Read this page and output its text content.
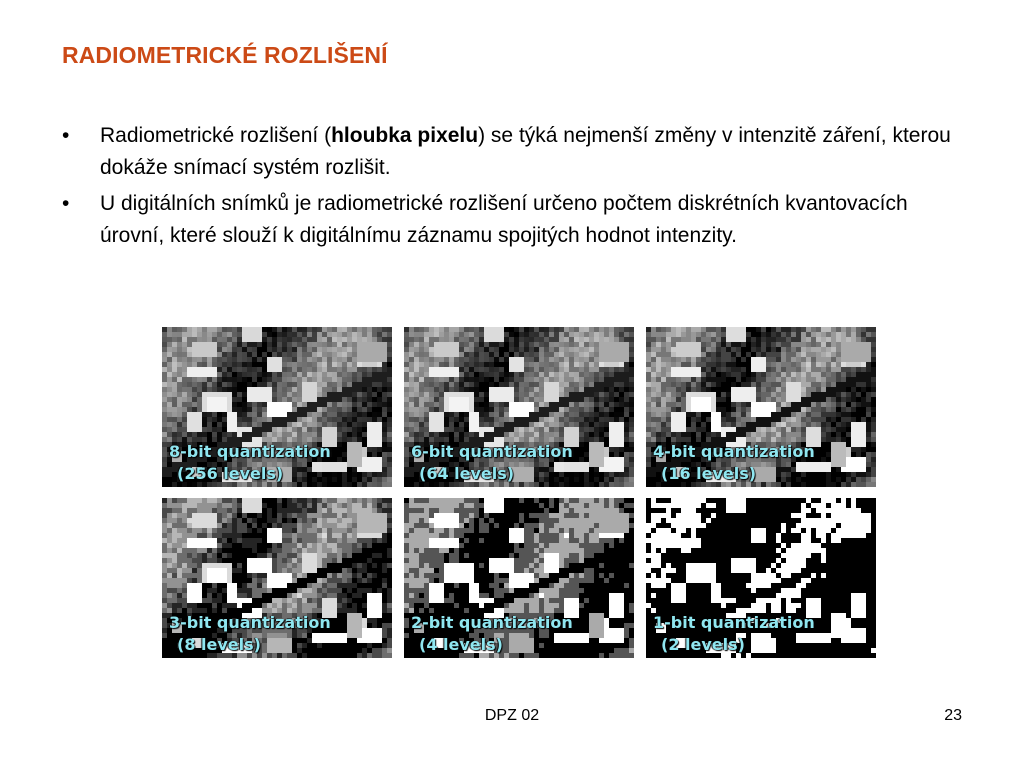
RADIOMETRICKÉ ROZLIŠENÍ
•	Radiometrické rozlišení (hloubka pixelu) se týká nejmenší změny v intenzitě záření, kterou dokáže snímací systém rozlišit.
•	U digitálních snímků je radiometrické rozlišení určeno počtem diskrétních kvantovacích úrovní, které slouží k digitálnímu záznamu spojitých hodnot intenzity.
8-bit quantization
(256 levels)
6-bit quantization
(64 levels)
4-bit quantization
(16 levels)
3-bit quantization
(8 levels)
2-bit quantization
(4 levels)
1-bit quantization
(2 levels)
DPZ 02	23
